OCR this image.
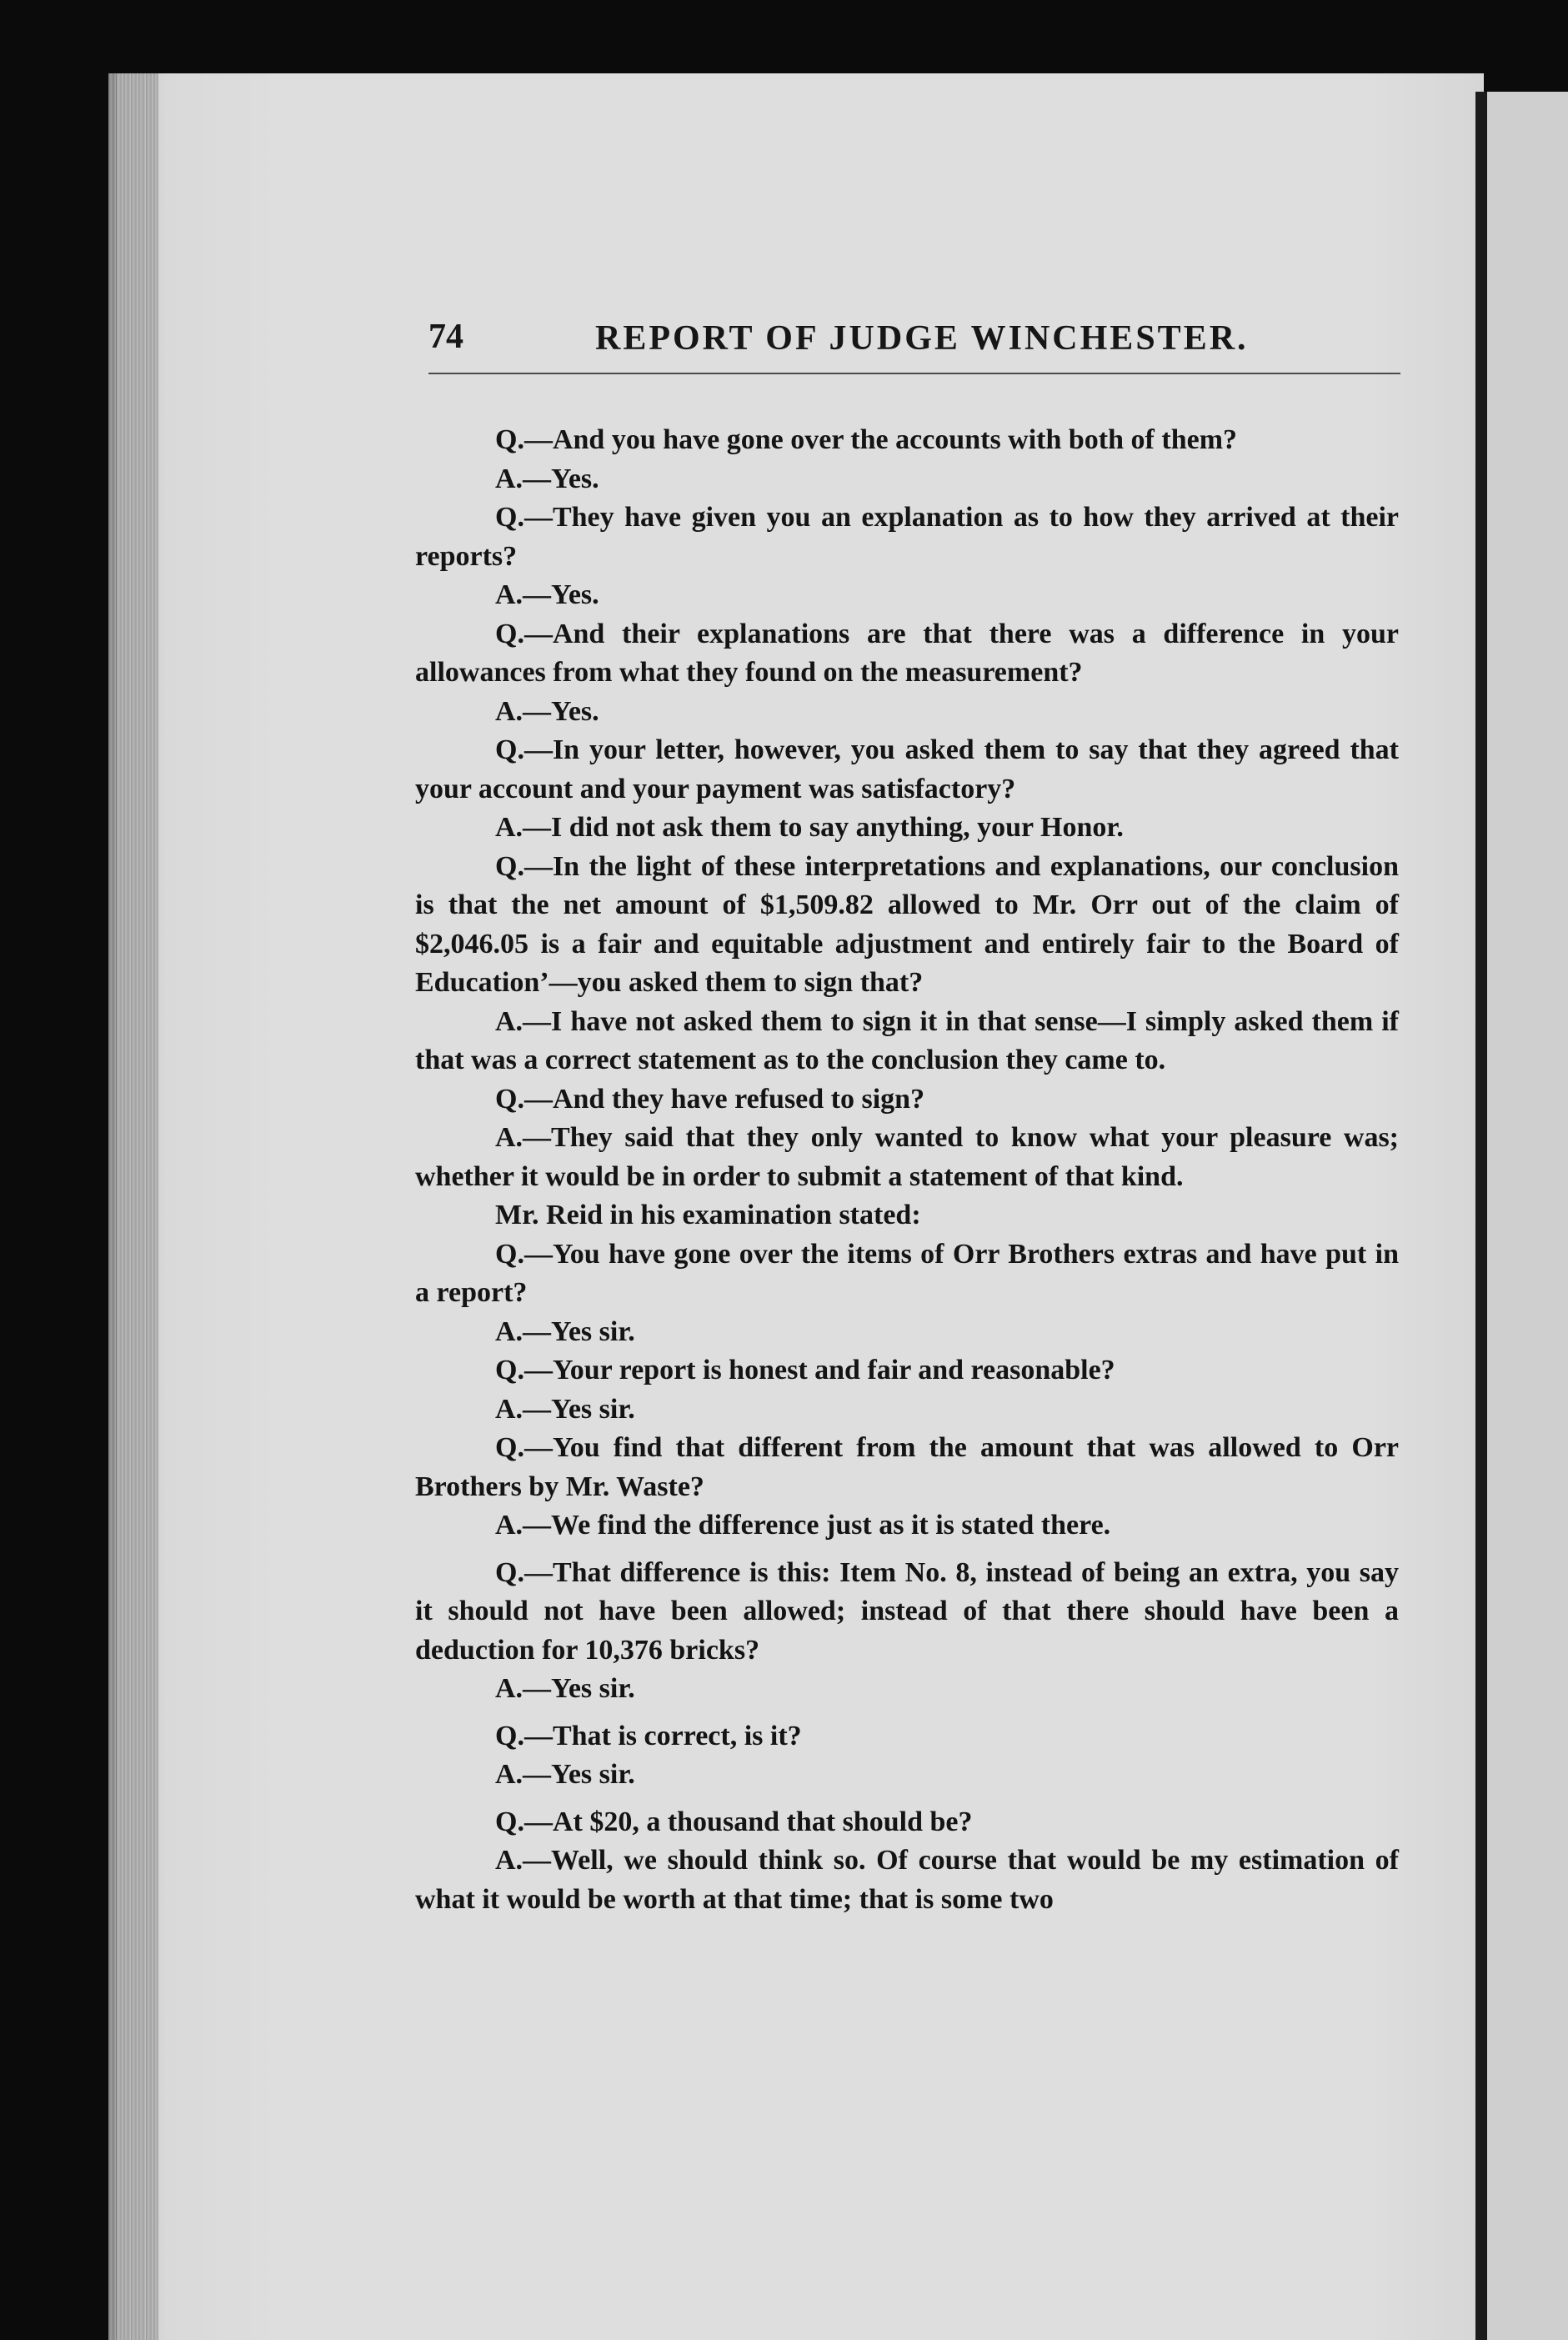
74	REPORT OF JUDGE WINCHESTER.

Q.—And you have gone over the accounts with both of them?

A.—Yes.

Q.—They have given you an explanation as to how they arrived at their reports?

A.—Yes.

Q.—And their explanations are that there was a difference in your allowances from what they found on the measurement?

A.—Yes.

Q.—In your letter, however, you asked them to say that they agreed that your account and your payment was satisfactory?

A.—I did not ask them to say anything, your Honor.

Q.—In the light of these interpretations and explanations, our conclusion is that the net amount of $1,509.82 allowed to Mr. Orr out of the claim of $2,046.05 is a fair and equitable adjustment and entirely fair to the Board of Education’—you asked them to sign that?

A.—I have not asked them to sign it in that sense—I simply asked them if that was a correct statement as to the conclusion they came to.

Q.—And they have refused to sign?

A.—They said that they only wanted to know what your pleasure was; whether it would be in order to submit a statement of that kind.

Mr. Reid in his examination stated:

Q.—You have gone over the items of Orr Brothers extras and have put in a report?

A.—Yes sir.

Q.—Your report is honest and fair and reasonable?

A.—Yes sir.

Q.—You find that different from the amount that was allowed to Orr Brothers by Mr. Waste?

A.—We find the difference just as it is stated there.

Q.—That difference is this: Item No. 8, instead of being an extra, you say it should not have been allowed; instead of that there should have been a deduction for 10,376 bricks?

A.—Yes sir.

Q.—That is correct, is it?

A.—Yes sir.

Q.—At $20, a thousand that should be?

A.—Well, we should think so. Of course that would be my estimation of what it would be worth at that time; that is some two
